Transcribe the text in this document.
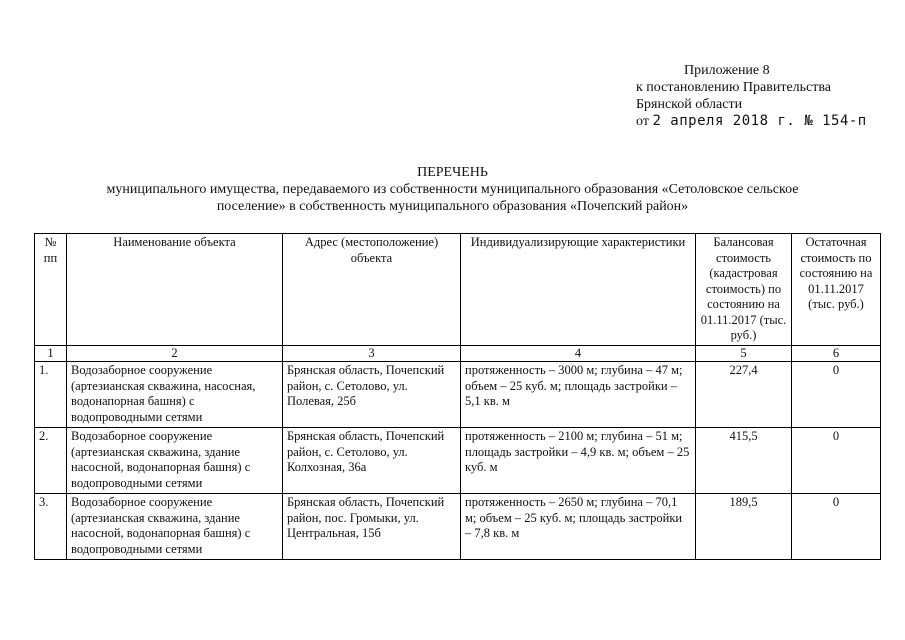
Приложение 8
к постановлению Правительства
Брянской области
от 2 апреля 2018 г. № 154-п
ПЕРЕЧЕНЬ
муниципального имущества, передаваемого из собственности муниципального образования «Сетоловское сельское
поселение» в собственность муниципального образования «Почепский район»
№ пп	Наименование объекта	Адрес (местоположение) объекта	Индивидуализирующие характеристики	Балансовая стоимость (кадастровая стоимость) по состоянию на 01.11.2017 (тыс. руб.)	Остаточная стоимость по состоянию на 01.11.2017 (тыс. руб.)
1	2	3	4	5	6
1.	Водозаборное сооружение (артезианская скважина, насосная, водонапорная башня) с водопроводными сетями	Брянская область, Почепский район, с. Сетолово, ул. Полевая, 25б	протяженность – 3000 м; глубина – 47 м; объем – 25 куб. м; площадь застройки – 5,1 кв. м	227,4	0
2.	Водозаборное сооружение (артезианская скважина, здание насосной, водонапорная башня) с водопроводными сетями	Брянская область, Почепский район, с. Сетолово, ул. Колхозная, 36а	протяженность – 2100 м; глубина – 51 м; площадь застройки – 4,9 кв. м; объем – 25 куб. м	415,5	0
3.	Водозаборное сооружение (артезианская скважина, здание насосной, водонапорная башня) с водопроводными сетями	Брянская область, Почепский район, пос. Громыки, ул. Центральная, 15б	протяженность – 2650 м; глубина – 70,1 м; объем – 25 куб. м; площадь застройки – 7,8 кв. м	189,5	0
